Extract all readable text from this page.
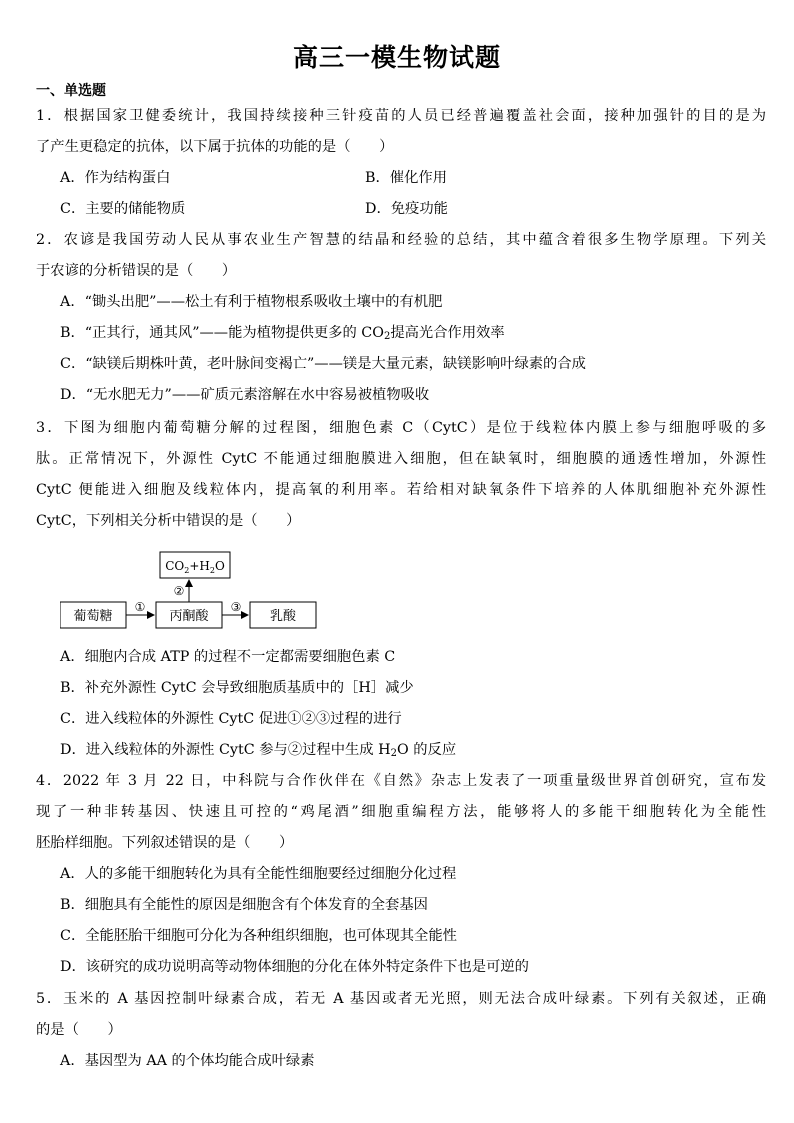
高三一模生物试题
一、单选题
1．根据国家卫健委统计，我国持续接种三针疫苗的人员已经普遍覆盖社会面，接种加强针的目的是为
了产生更稳定的抗体，以下属于抗体的功能的是（　　）
A．作为结构蛋白	B．催化作用
C．主要的储能物质	D．免疫功能
2．农谚是我国劳动人民从事农业生产智慧的结晶和经验的总结，其中蕴含着很多生物学原理。下列关
于农谚的分析错误的是（　　）
A．“锄头出肥”——松土有利于植物根系吸收土壤中的有机肥
B．“正其行，通其风”——能为植物提供更多的 $CO_2$提高光合作用效率
C．“缺镁后期株叶黄，老叶脉间变褐亡”——镁是大量元素，缺镁影响叶绿素的合成
D．“无水肥无力”——矿质元素溶解在水中容易被植物吸收
3．下图为细胞内葡萄糖分解的过程图，细胞色素 C（CytC）是位于线粒体内膜上参与细胞呼吸的多
肽。正常情况下，外源性 CytC 不能通过细胞膜进入细胞，但在缺氧时，细胞膜的通透性增加，外源性
CytC 便能进入细胞及线粒体内，提高氧的利用率。若给相对缺氧条件下培养的人体肌细胞补充外源性
CytC，下列相关分析中错误的是（　　）
葡萄糖	丙酮酸	乳酸
$CO_2+H_2O$
①	③
②
A．细胞内合成 ATP 的过程不一定都需要细胞色素 C
B．补充外源性 CytC 会导致细胞质基质中的［H］减少
C．进入线粒体的外源性 CytC 促进①②③过程的进行
D．进入线粒体的外源性 CytC 参与②过程中生成 $H_2O$ 的反应
4．2022 年 3 月 22 日，中科院与合作伙伴在《自然》杂志上发表了一项重量级世界首创研究，宣布发
现了一种非转基因、快速且可控的“鸡尾酒”细胞重编程方法，能够将人的多能干细胞转化为全能性
胚胎样细胞。下列叙述错误的是（　　）
A．人的多能干细胞转化为具有全能性细胞要经过细胞分化过程
B．细胞具有全能性的原因是细胞含有个体发育的全套基因
C．全能胚胎干细胞可分化为各种组织细胞，也可体现其全能性
D．该研究的成功说明高等动物体细胞的分化在体外特定条件下也是可逆的
5．玉米的 A 基因控制叶绿素合成，若无 A 基因或者无光照，则无法合成叶绿素。下列有关叙述，正确
的是（　　）
A．基因型为 AA 的个体均能合成叶绿素
